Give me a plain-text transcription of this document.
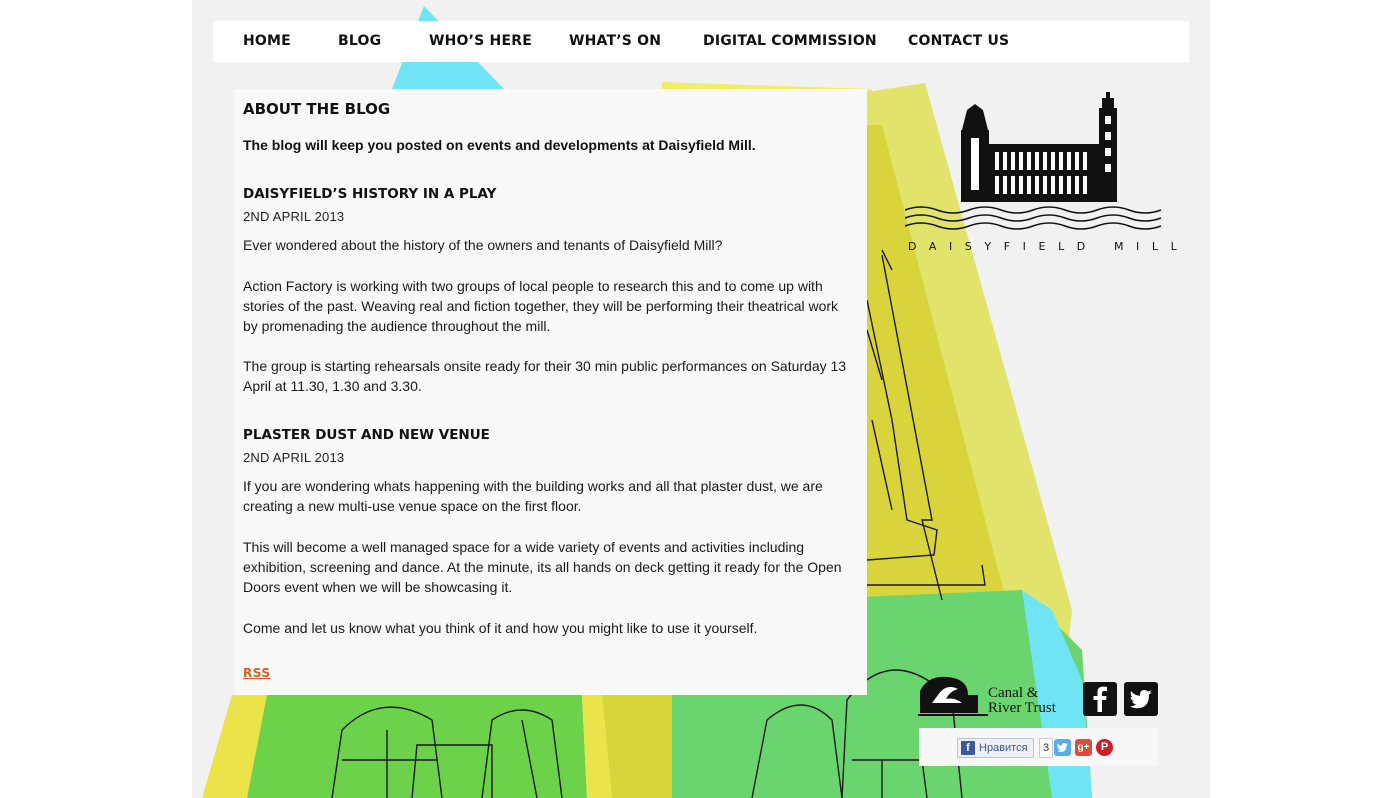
HOME	BLOG	WHO’S HERE	WHAT’S ON	DIGITAL COMMISSION CONTACT US
ABOUT THE BLOG

The blog will keep you posted on events and developments at Daisyfield Mill.

DAISYFIELD’S HISTORY IN A PLAY

2ND APRIL 2013

Ever wondered about the history of the owners and tenants of Daisyfield Mill?

Action Factory is working with two groups of local people to research this and to come up with stories of the past. Weaving real and fiction together, they will be performing their theatrical work by promenading the audience throughout the mill.

The group is starting rehearsals onsite ready for their 30 min public performances on Saturday 13 April at 11.30, 1.30 and 3.30.

PLASTER DUST AND NEW VENUE

2ND APRIL 2013

If you are wondering whats happening with the building works and all that plaster dust, we are creating a new multi-use venue space on the first floor.

This will become a well managed space for a wide variety of events and activities including exhibition, screening and dance. At the minute, its all hands on deck getting it ready for the Open Doors event when we will be showcasing it.

Come and let us know what you think of it and how you might like to use it yourself.

RSS
DAISYFIELD MILL
Canal &
River Trust
f Нравится	3	g+	P
